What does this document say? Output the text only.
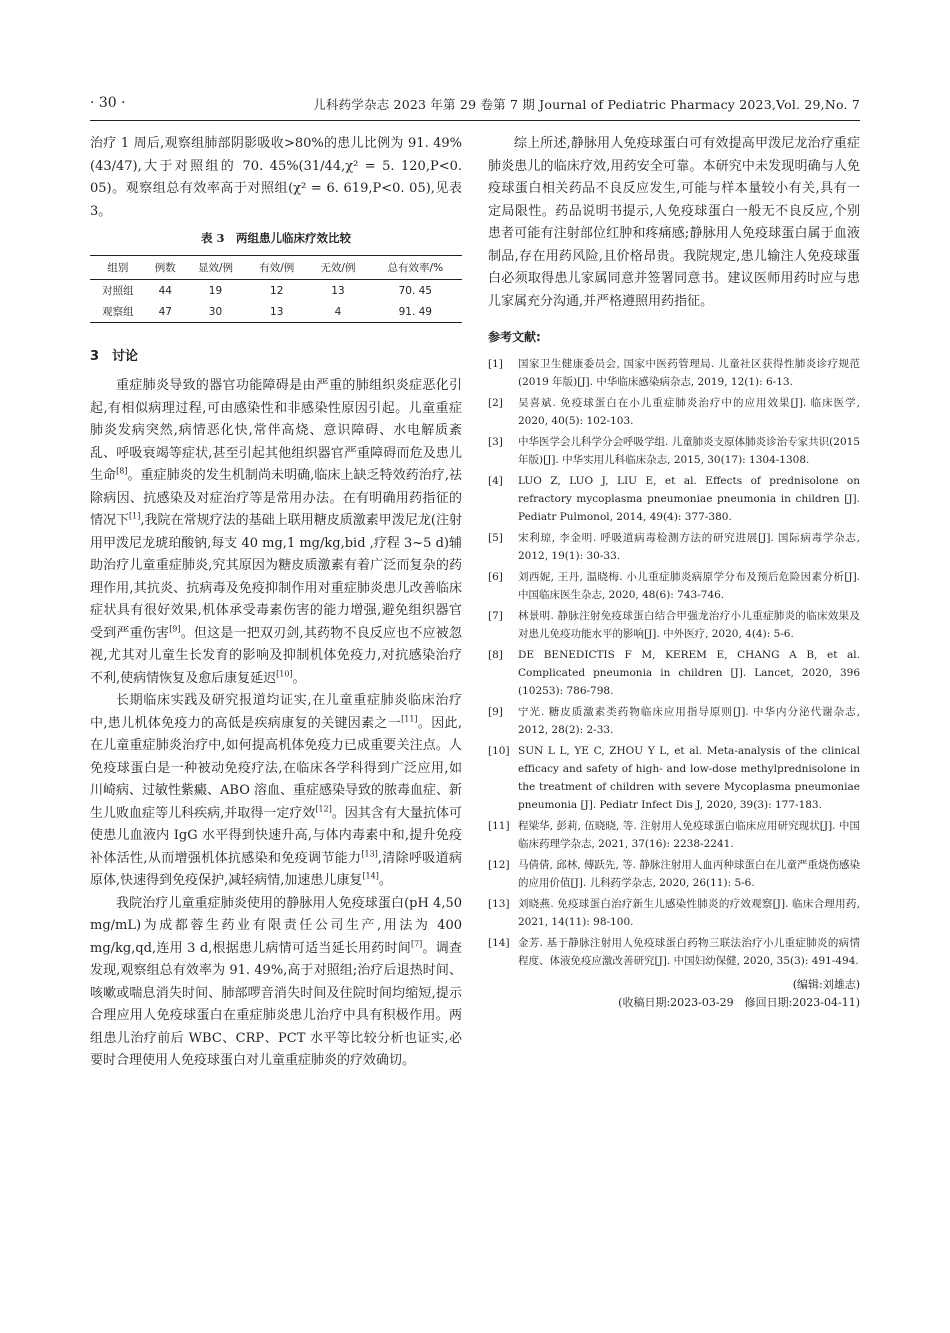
· 30 ·	儿科药学杂志 2023 年第 29 卷第 7 期 Journal of Pediatric Pharmacy 2023,Vol. 29,No. 7

治疗 1 周后,观察组肺部阴影吸收>80%的患儿比例为 91. 49%(43/47),大于对照组的 70. 45%(31/44,χ² = 5. 120,P<0. 05)。观察组总有效率高于对照组(χ² = 6. 619,P<0. 05),见表 3。

表 3　两组患儿临床疗效比较
组别	例数	显效/例	有效/例	无效/例	总有效率/%
对照组	44	19	12	13	70. 45
观察组	47	30	13	4	91. 49
3　讨论

重症肺炎导致的器官功能障碍是由严重的肺组织炎症恶化引起,有相似病理过程,可由感染性和非感染性原因引起。儿童重症肺炎发病突然,病情恶化快,常伴高烧、意识障碍、水电解质紊乱、呼吸衰竭等症状,甚至引起其他组织器官严重障碍而危及患儿生命[8]。重症肺炎的发生机制尚未明确,临床上缺乏特效药治疗,祛除病因、抗感染及对症治疗等是常用办法。在有明确用药指征的情况下[1],我院在常规疗法的基础上联用糖皮质激素甲泼尼龙(注射用甲泼尼龙琥珀酸钠,每支 40 mg,1 mg/kg,bid ,疗程 3~5 d)辅助治疗儿童重症肺炎,究其原因为糖皮质激素有着广泛而复杂的药理作用,其抗炎、抗病毒及免疫抑制作用对重症肺炎患儿改善临床症状具有很好效果,机体承受毒素伤害的能力增强,避免组织器官受到严重伤害[9]。但这是一把双刃剑,其药物不良反应也不应被忽视,尤其对儿童生长发育的影响及抑制机体免疫力,对抗感染治疗不利,使病情恢复及愈后康复延迟[10]。

长期临床实践及研究报道均证实,在儿童重症肺炎临床治疗中,患儿机体免疫力的高低是疾病康复的关键因素之一[11]。因此,在儿童重症肺炎治疗中,如何提高机体免疫力已成重要关注点。人免疫球蛋白是一种被动免疫疗法,在临床各学科得到广泛应用,如川崎病、过敏性紫癜、ABO 溶血、重症感染导致的脓毒血症、新生儿败血症等儿科疾病,并取得一定疗效[12]。因其含有大量抗体可使患儿血液内 IgG 水平得到快速升高,与体内毒素中和,提升免疫补体活性,从而增强机体抗感染和免疫调节能力[13],清除呼吸道病原体,快速得到免疫保护,减轻病情,加速患儿康复[14]。

我院治疗儿童重症肺炎使用的静脉用人免疫球蛋白(pH 4,50 mg/mL)为成都蓉生药业有限责任公司生产,用法为 400 mg/kg,qd,连用 3 d,根据患儿病情可适当延长用药时间[7]。调查发现,观察组总有效率为 91. 49%,高于对照组;治疗后退热时间、咳嗽或喘息消失时间、肺部啰音消失时间及住院时间均缩短,提示合理应用人免疫球蛋白在重症肺炎患儿治疗中具有积极作用。两组患儿治疗前后 WBC、CRP、PCT 水平等比较分析也证实,必要时合理使用人免疫球蛋白对儿童重症肺炎的疗效确切。

综上所述,静脉用人免疫球蛋白可有效提高甲泼尼龙治疗重症肺炎患儿的临床疗效,用药安全可靠。本研究中未发现明确与人免疫球蛋白相关药品不良反应发生,可能与样本量较小有关,具有一定局限性。药品说明书提示,人免疫球蛋白一般无不良反应,个别患者可能有注射部位红肿和疼痛感;静脉用人免疫球蛋白属于血液制品,存在用药风险,且价格昂贵。我院规定,患儿输注人免疫球蛋白必须取得患儿家属同意并签署同意书。建议医师用药时应与患儿家属充分沟通,并严格遵照用药指征。

参考文献:
[1] 国家卫生健康委员会, 国家中医药管理局. 儿童社区获得性肺炎诊疗规范(2019 年版)[J]. 中华临床感染病杂志, 2019, 12(1): 6-13.
[2] 吴喜斌. 免疫球蛋白在小儿重症肺炎治疗中的应用效果[J]. 临床医学, 2020, 40(5): 102-103.
[3] 中华医学会儿科学分会呼吸学组. 儿童肺炎支原体肺炎诊治专家共识(2015 年版)[J]. 中华实用儿科临床杂志, 2015, 30(17): 1304-1308.
[4] LUO Z, LUO J, LIU E, et al. Effects of prednisolone on refractory mycoplasma pneumoniae pneumonia in children [J]. Pediatr Pulmonol, 2014, 49(4): 377-380.
[5] 宋利琼, 李金明. 呼吸道病毒检测方法的研究进展[J]. 国际病毒学杂志, 2012, 19(1): 30-33.
[6] 刘西妮, 王丹, 温晓梅. 小儿重症肺炎病原学分布及预后危险因素分析[J]. 中国临床医生杂志, 2020, 48(6): 743-746.
[7] 林景明. 静脉注射免疫球蛋白结合甲强龙治疗小儿重症肺炎的临床效果及对患儿免疫功能水平的影响[J]. 中外医疗, 2020, 4(4): 5-6.
[8] DE BENEDICTIS F M, KEREM E, CHANG A B, et al. Complicated pneumonia in children [J]. Lancet, 2020, 396 (10253): 786-798.
[9] 宁光. 糖皮质激素类药物临床应用指导原则[J]. 中华内分泌代谢杂志, 2012, 28(2): 2-33.
[10] SUN L L, YE C, ZHOU Y L, et al. Meta-analysis of the clinical efficacy and safety of high- and low-dose methylprednisolone in the treatment of children with severe Mycoplasma pneumoniae pneumonia [J]. Pediatr Infect Dis J, 2020, 39(3): 177-183.
[11] 程梁华, 彭莉, 伍晓晓, 等. 注射用人免疫球蛋白临床应用研究现状[J]. 中国临床药理学杂志, 2021, 37(16): 2238-2241.
[12] 马倩倩, 邱林, 傅跃先, 等. 静脉注射用人血丙种球蛋白在儿童严重烧伤感染的应用价值[J]. 儿科药学杂志, 2020, 26(11): 5-6.
[13] 刘晓燕. 免疫球蛋白治疗新生儿感染性肺炎的疗效观察[J]. 临床合理用药, 2021, 14(11): 98-100.
[14] 金芳. 基于静脉注射用人免疫球蛋白药物三联法治疗小儿重症肺炎的病情程度、体液免疫应激改善研究[J]. 中国妇幼保健, 2020, 35(3): 491-494.
(编辑:刘雄志)
(收稿日期:2023-03-29　修回日期:2023-04-11)
